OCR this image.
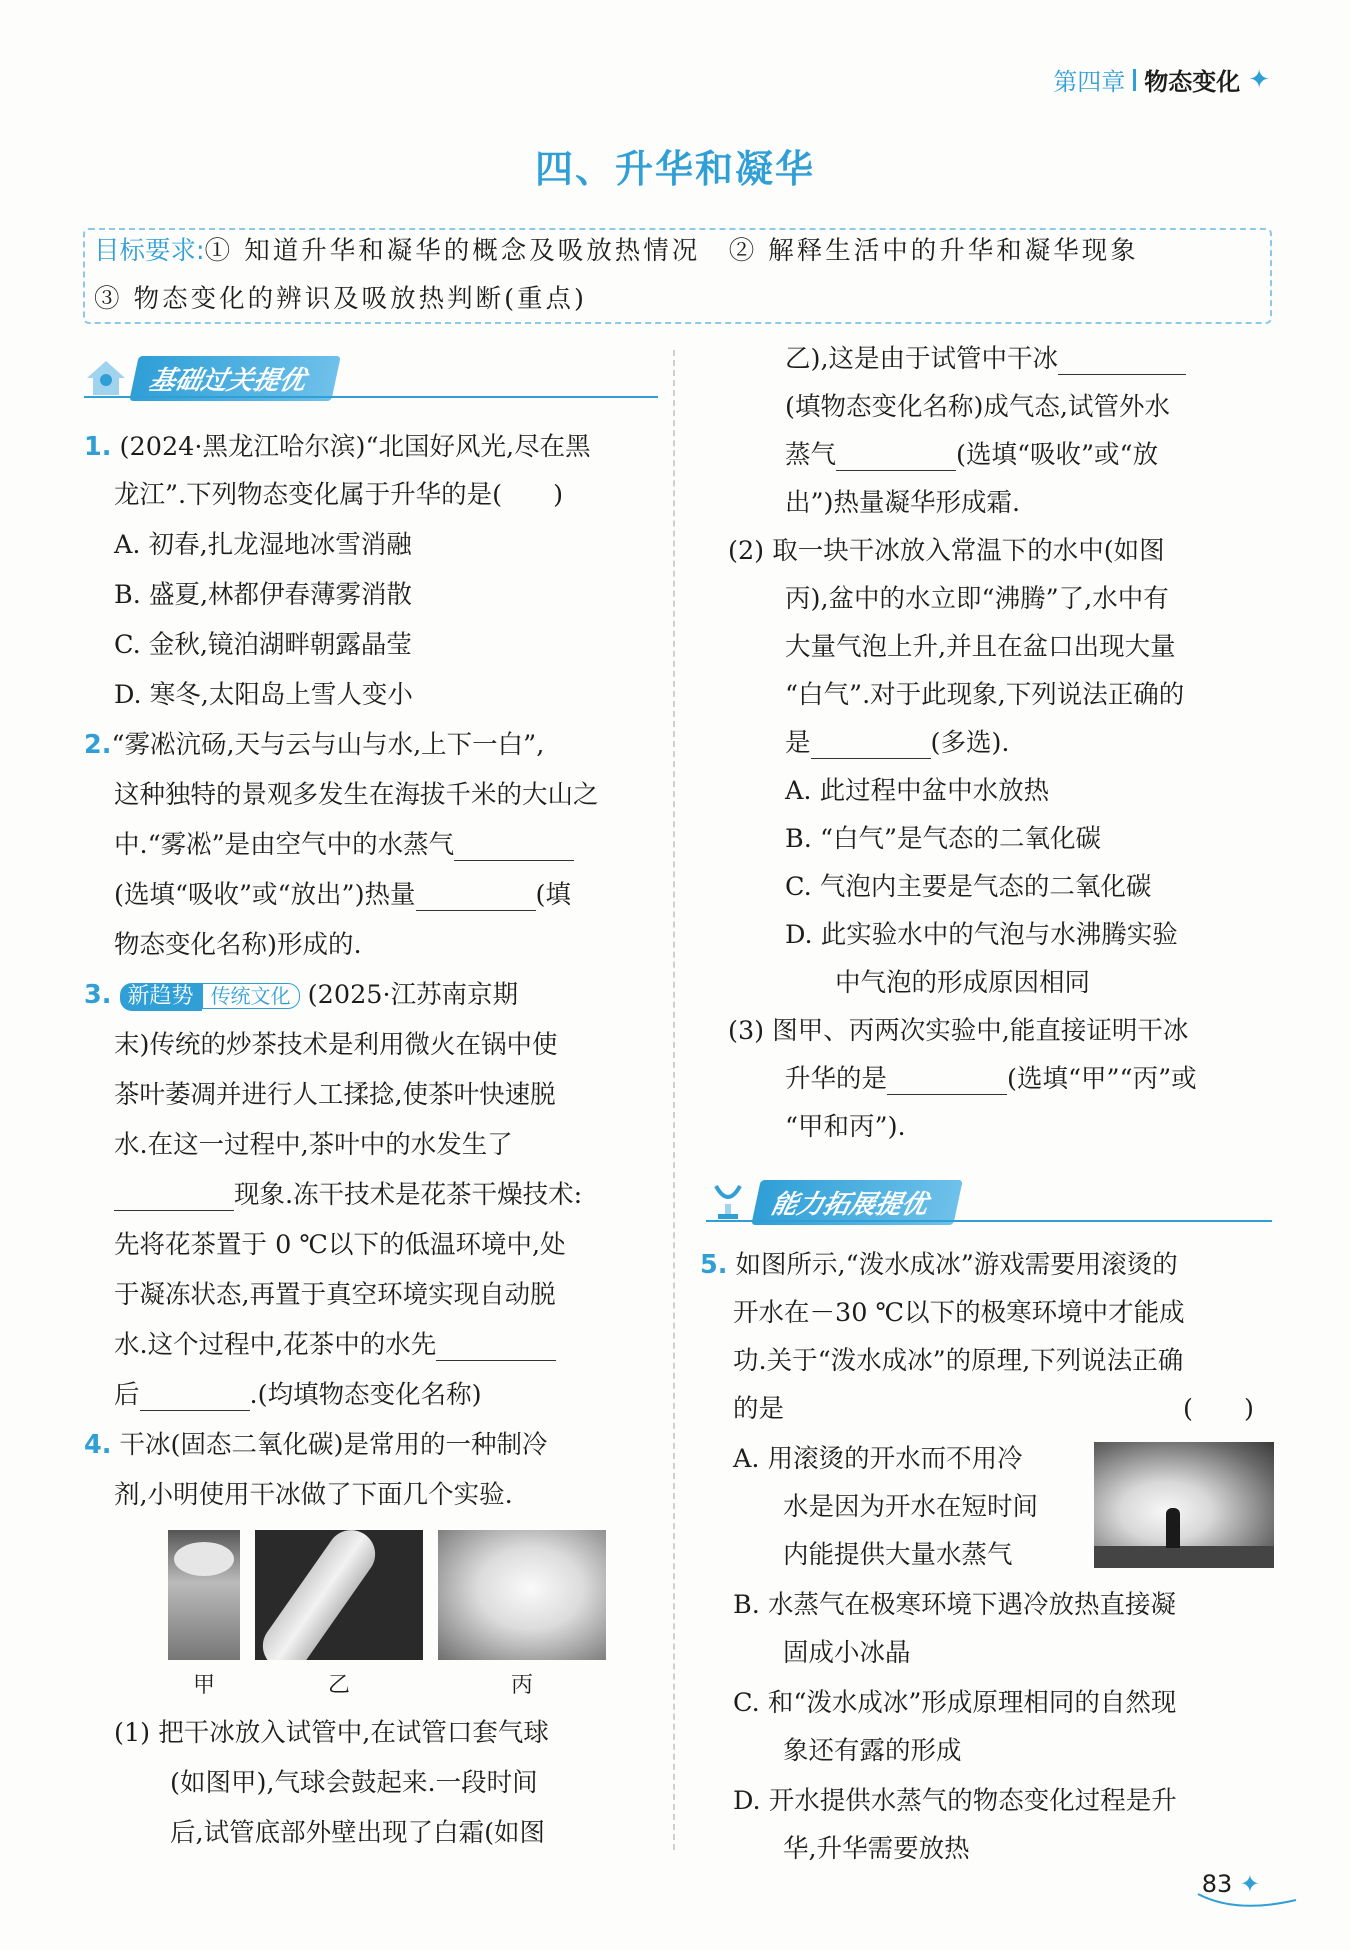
第四章 物态变化 ✦
四、升华和凝华
目标要求:① 知道升华和凝华的概念及吸放热情况　② 解释生活中的升华和凝华现象
③ 物态变化的辨识及吸放热判断(重点)
基础过关提优
1. (2024·黑龙江哈尔滨)“北国好风光,尽在黑
龙江”.下列物态变化属于升华的是(　　)
A. 初春,扎龙湿地冰雪消融
B. 盛夏,林都伊春薄雾消散
C. 金秋,镜泊湖畔朝露晶莹
D. 寒冬,太阳岛上雪人变小
2.“雾凇沆砀,天与云与山与水,上下一白”,
这种独特的景观多发生在海拔千米的大山之
中.“雾凇”是由空气中的水蒸气
(选填“吸收”或“放出”)热量	(填
物态变化名称)形成的.
3. 新趋势 传统文化 (2025·江苏南京期
末)传统的炒茶技术是利用微火在锅中使
茶叶萎凋并进行人工揉捻,使茶叶快速脱
水.在这一过程中,茶叶中的水发生了
现象.冻干技术是花茶干燥技术:
先将花茶置于 0 ℃以下的低温环境中,处
于凝冻状态,再置于真空环境实现自动脱
水.这个过程中,花茶中的水先
后	.(均填物态变化名称)
4. 干冰(固态二氧化碳)是常用的一种制冷
剂,小明使用干冰做了下面几个实验.
甲	乙	丙
(1) 把干冰放入试管中,在试管口套气球
(如图甲),气球会鼓起来.一段时间
后,试管底部外壁出现了白霜(如图
乙),这是由于试管中干冰
(填物态变化名称)成气态,试管外水
蒸气	(选填“吸收”或“放
出”)热量凝华形成霜.
(2) 取一块干冰放入常温下的水中(如图
丙),盆中的水立即“沸腾”了,水中有
大量气泡上升,并且在盆口出现大量
“白气”.对于此现象,下列说法正确的
是	(多选).
A. 此过程中盆中水放热
B. “白气”是气态的二氧化碳
C. 气泡内主要是气态的二氧化碳
D. 此实验水中的气泡与水沸腾实验
中气泡的形成原因相同
(3) 图甲、丙两次实验中,能直接证明干冰
升华的是	(选填“甲”“丙”或
“甲和丙”).
能力拓展提优
5. 如图所示,“泼水成冰”游戏需要用滚烫的
开水在－30 ℃以下的极寒环境中才能成
功.关于“泼水成冰”的原理,下列说法正确
的是	(　　)
A. 用滚烫的开水而不用冷
水是因为开水在短时间
内能提供大量水蒸气
B. 水蒸气在极寒环境下遇冷放热直接凝
固成小冰晶
C. 和“泼水成冰”形成原理相同的自然现
象还有露的形成
D. 开水提供水蒸气的物态变化过程是升
华,升华需要放热
83 ✦
